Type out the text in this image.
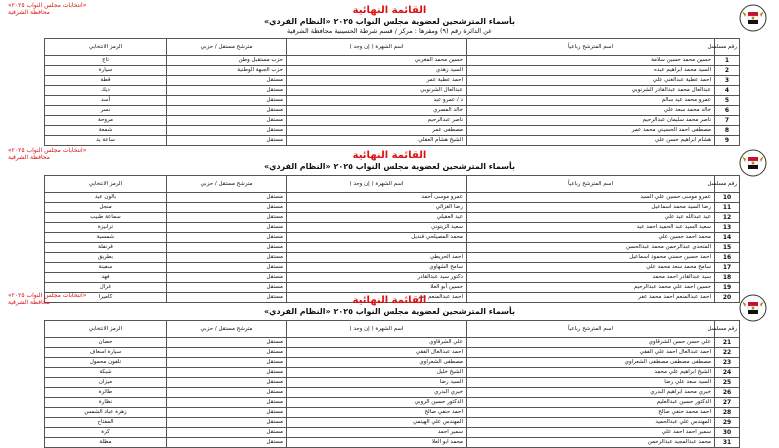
«انتخابات مجلس النواب ٢٠٢٥»
محافظة الشرقية	القائمة النهائية
بأسماء المترشحين لعضوية مجلس النواب ٢٠٢٥ «النظام الفردي»
عن الدائرة رقم (٩) ومقرها : مركز / قسم شرطة الحسينية محافظة الشرقية
رقم مسلسل	اسم المترشح رباعياً	اسم الشهرة ( إن وجد )	مترشح مستقل / حزبي	الرمز الانتخابي
1	حسين محمد حسين سلامة	حسين محمد المغربي	حزب مستقبل وطن	تاج
2	السيد محمد ابراهيم عبده	السيد زهدي	حزب الجبهة الوطنية	سيارة
3	احمد عطية عبدالغني علي	احمد عطية عمر	مستقل	قطة
4	عبدالعال محمد عبدالقادر الشرنوبي	عبدالعال الشرنوبي	مستقل	ديك
5	عمرو محمد عيد سالم	د / عمرو عيد	مستقل	أسد
6	خالد محمد سعد علي	خالد المصري	مستقل	نسر
7	ناصر محمد سليمان عبدالرحيم	ناصر عبدالرحيم	مستقل	مروحة
8	مصطفى احمد الحسيني محمد عمر	مصطفى عمر	مستقل	شمعة
9	هشام ابراهيم حسن علي	الشيخ هشام العقلي	مستقل	ساعة يد
«انتخابات مجلس النواب ٢٠٢٥»
محافظة الشرقية	القائمة النهائية
بأسماء المترشحين لعضوية مجلس النواب ٢٠٢٥ «النظام الفردي»
رقم مسلسل	اسم المترشح رباعياً	اسم الشهرة ( إن وجد )	مترشح مستقل / حزبي	الرمز الانتخابي
10	عمرو موسى حسين علي السيد	عمرو موسى أحمد	مستقل	بالون عيد
11	رضا السيد محمد اسماعيل	رضا الغزالي	مستقل	منجل
12	عيد عبدالله عيد علي	عيد العقيلي	مستقل	سماعة طبيب
13	سعيد السيد عبد الحميد احمد عيد	سعيد الزيتوني	مستقل	ترابيزة
14	محمد احمد حسين علي	محمد المصيلحي قنديل	مستقل	شمسية
15	المتحدي عبدالرحمن محمد عبدالحسن		مستقل	قرنفلة
16	احمد حسين حسني محمود اسماعيل	احمد الحريطي	مستقل	بطريق
17	سامح محمد سعد محمد علي	سامح الشهاوي	مستقل	سفينة
18	سيد عبدالقادر احمد محمد	دكتور سيد عبدالقادر	مستقل	فهد
19	حسين احمد علي محمد عبدالرحيم	حسين أبو العلا	مستقل	غزال
20	احمد عبدالمنعم احمد محمد عفر	احمد عبدالمنعم عفر	مستقل	كاميرا
«انتخابات مجلس النواب ٢٠٢٥»
محافظة الشرقية	القائمة النهائية
بأسماء المترشحين لعضوية مجلس النواب ٢٠٢٥ «النظام الفردي»
رقم مسلسل	اسم المترشح رباعياً	اسم الشهرة ( إن وجد )	مترشح مستقل / حزبي	الرمز الانتخابي
21	علي حسن حسن الشرقاوي	علي الشرقاوي	مستقل	حصان
22	احمد عبدالعال احمد علي الفقي	احمد عبدالعال الفقي	مستقل	سيارة اسعاف
23	مصطفى مصطفى مصطفى الشعراوي	مصطفى الشعراوي	مستقل	تلفون محمول
24	الشيخ ابراهيم علي محمد	الشيخ خليل	مستقل	شبكة
25	السيد سعد علي رضا	السيد رضا	مستقل	ميزان
26	خيري محمد ابراهيم البدري	خيري البدري	مستقل	طائرة
27	الدكتور حسين عبدالعليم	الدكتور حسين الروبي	مستقل	نظارة
28	احمد محمد حنفي صالح	احمد حنفي صالح	مستقل	زهرة عباد الشمس
29	المهندس علي عبدالحميد	المهندس علي الهيتمي	مستقل	المفتاح
30	سمير احمد احمد علي	سمير احمد	مستقل	كرة
31	محمد عبدالمجيد عبدالرحمن	محمد ابو العلا	مستقل	مظلة
